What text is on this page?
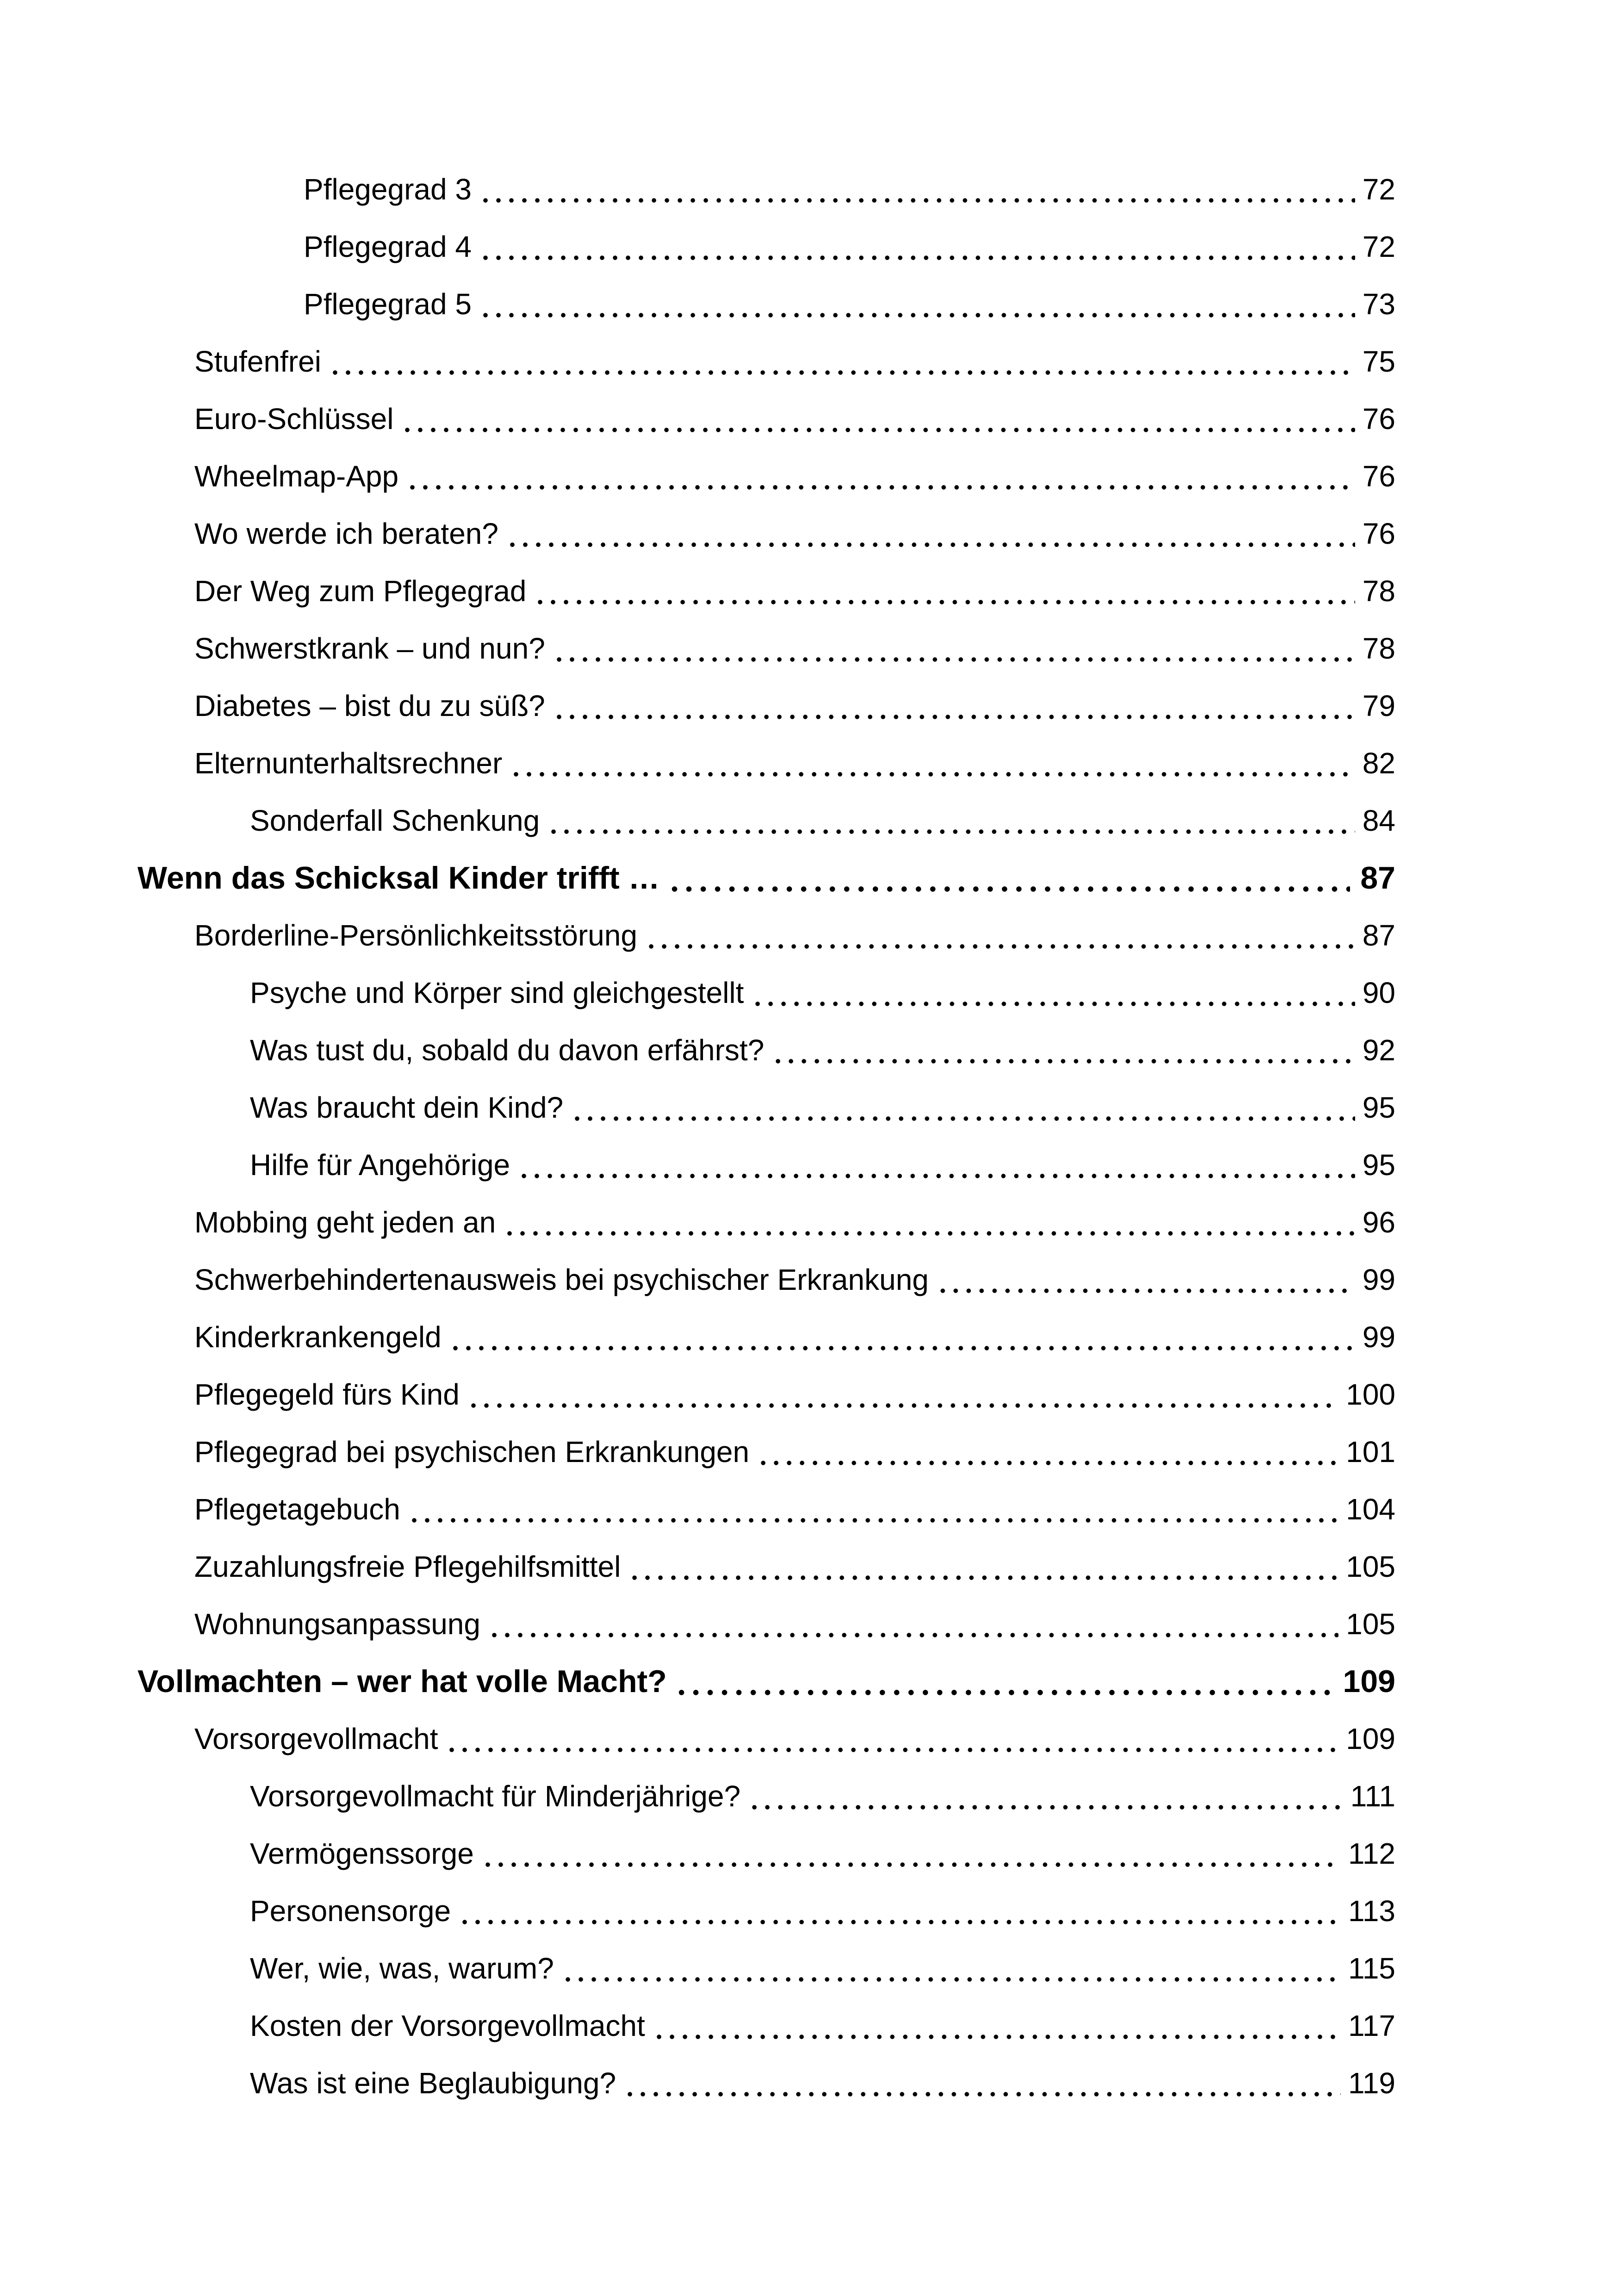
Pflegegrad 3	72
Pflegegrad 4	72
Pflegegrad 5	73
Stufenfrei	75
Euro-Schlüssel	76
Wheelmap-App	76
Wo werde ich beraten?	76
Der Weg zum Pflegegrad	78
Schwerstkrank – und nun?	78
Diabetes – bist du zu süß?	79
Elternunterhaltsrechner	82
Sonderfall Schenkung	84
Wenn das Schicksal Kinder trifft …	87
Borderline-Persönlichkeitsstörung	87
Psyche und Körper sind gleichgestellt	90
Was tust du, sobald du davon erfährst?	92
Was braucht dein Kind?	95
Hilfe für Angehörige	95
Mobbing geht jeden an	96
Schwerbehindertenausweis bei psychischer Erkrankung	99
Kinderkrankengeld	99
Pflegegeld fürs Kind	100
Pflegegrad bei psychischen Erkrankungen	101
Pflegetagebuch	104
Zuzahlungsfreie Pflegehilfsmittel	105
Wohnungsanpassung	105
Vollmachten – wer hat volle Macht?	109
Vorsorgevollmacht	109
Vorsorgevollmacht für Minderjährige?	111
Vermögenssorge	112
Personensorge	113
Wer, wie, was, warum?	115
Kosten der Vorsorgevollmacht	117
Was ist eine Beglaubigung?	119
